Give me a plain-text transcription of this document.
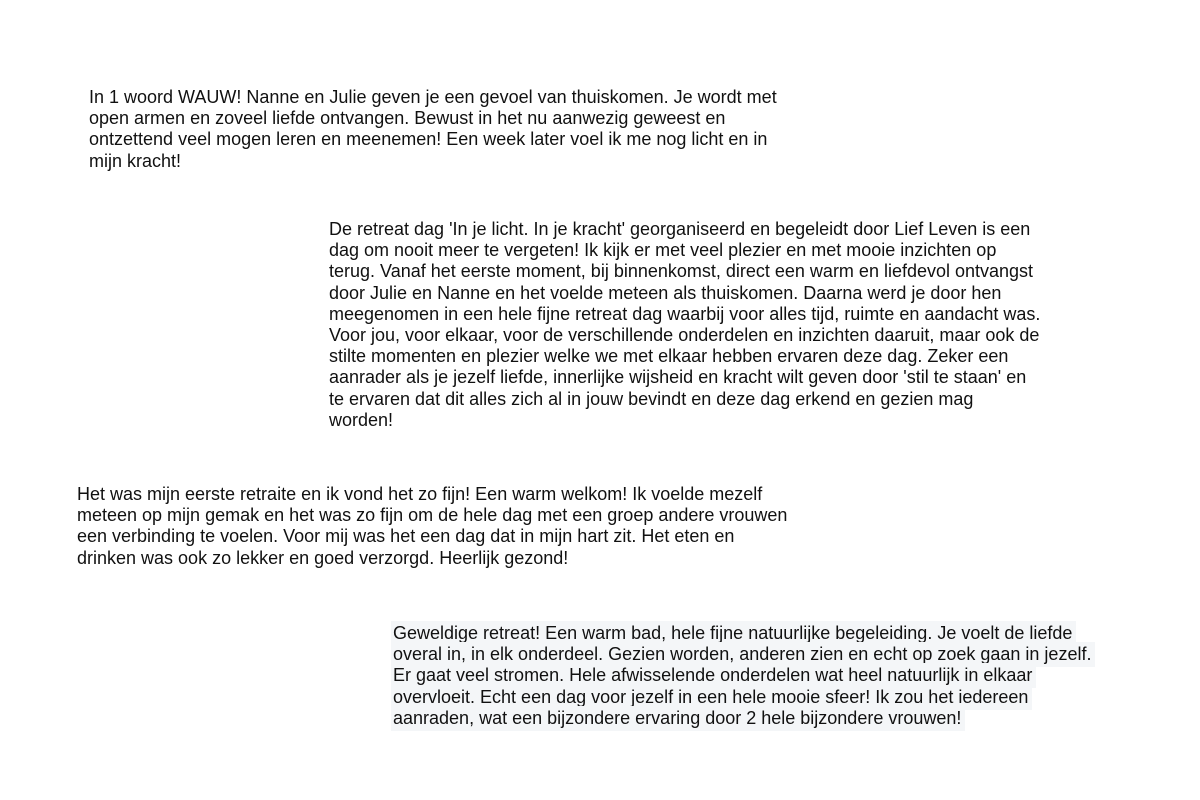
In 1 woord WAUW! Nanne en Julie geven je een gevoel van thuiskomen. Je wordt met
open armen en zoveel liefde ontvangen. Bewust in het nu aanwezig geweest en
ontzettend veel mogen leren en meenemen! Een week later voel ik me nog licht en in
mijn kracht!

De retreat dag 'In je licht. In je kracht' georganiseerd en begeleidt door Lief Leven is een
dag om nooit meer te vergeten! Ik kijk er met veel plezier en met mooie inzichten op
terug. Vanaf het eerste moment, bij binnenkomst, direct een warm en liefdevol ontvangst
door Julie en Nanne en het voelde meteen als thuiskomen. Daarna werd je door hen
meegenomen in een hele fijne retreat dag waarbij voor alles tijd, ruimte en aandacht was.
Voor jou, voor elkaar, voor de verschillende onderdelen en inzichten daaruit, maar ook de
stilte momenten en plezier welke we met elkaar hebben ervaren deze dag. Zeker een
aanrader als je jezelf liefde, innerlijke wijsheid en kracht wilt geven door 'stil te staan' en
te ervaren dat dit alles zich al in jouw bevindt en deze dag erkend en gezien mag
worden!

Het was mijn eerste retraite en ik vond het zo fijn! Een warm welkom! Ik voelde mezelf
meteen op mijn gemak en het was zo fijn om de hele dag met een groep andere vrouwen
een verbinding te voelen. Voor mij was het een dag dat in mijn hart zit. Het eten en
drinken was ook zo lekker en goed verzorgd. Heerlijk gezond!

Geweldige retreat! Een warm bad, hele fijne natuurlijke begeleiding. Je voelt de liefde
overal in, in elk onderdeel. Gezien worden, anderen zien en echt op zoek gaan in jezelf.
Er gaat veel stromen. Hele afwisselende onderdelen wat heel natuurlijk in elkaar
overvloeit. Echt een dag voor jezelf in een hele mooie sfeer! Ik zou het iedereen
aanraden, wat een bijzondere ervaring door 2 hele bijzondere vrouwen!
